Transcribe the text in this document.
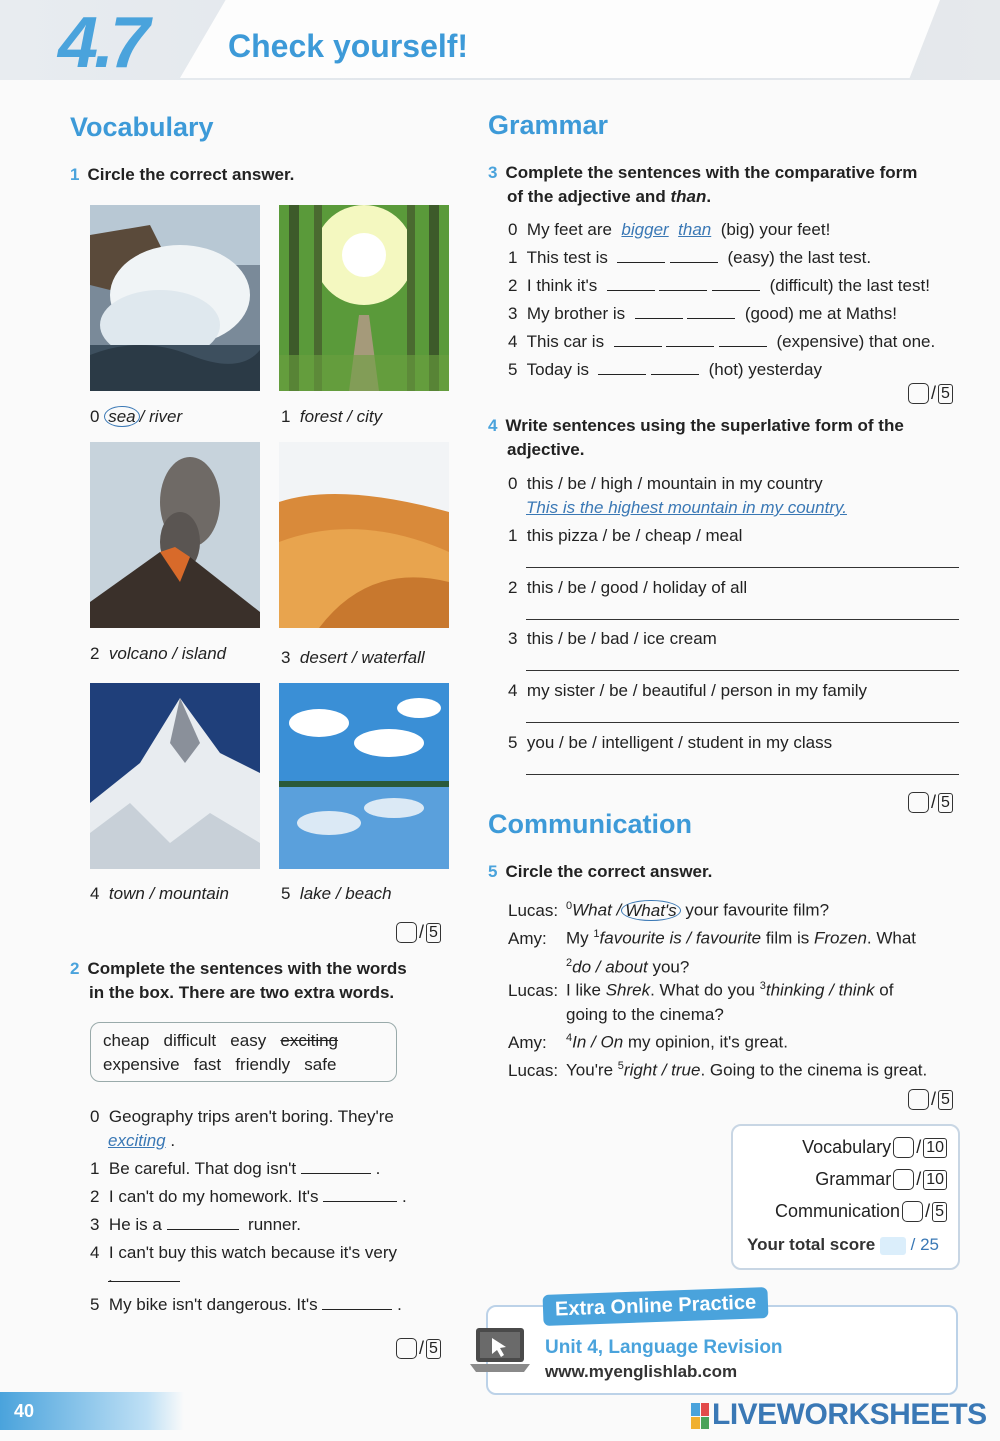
4.7	Check yourself!
Vocabulary
1 Circle the correct answer.
0 sea / river	1 forest / city
2 volcano / island	3 desert / waterfall
4 town / mountain	5 lake / beach
/ 5
2 Complete the sentences with the words
in the box. There are two extra words.
cheap difficult easy exciting
expensive fast friendly safe
0 Geography trips aren't boring. They're
exciting .
1 Be careful. That dog isn't	.
2 I can't do my homework. It's	.
3 He is a	runner.
4 I can't buy this watch because it's very
.
5 My bike isn't dangerous. It's	.
/ 5
Grammar
3 Complete the sentences with the comparative form
of the adjective and than.
0 My feet are bigger than (big) your feet!
1 This test is	(easy) the last test.
2 I think it's	(difficult) the last test!
3 My brother is	(good) me at Maths!
4 This car is	(expensive) that one.
5 Today is	(hot) yesterday
/ 5
4 Write sentences using the superlative form of the
adjective.
0 this / be / high / mountain in my country
This is the highest mountain in my country.
1 this pizza / be / cheap / meal
2 this / be / good / holiday of all
3 this / be / bad / ice cream
4 my sister / be / beautiful / person in my family
5 you / be / intelligent / student in my class
/ 5
Communication
5 Circle the correct answer.
Lucas: $^0$What / What's your favourite film?
Amy: My $^1$favourite is / favourite film is Frozen. What
$^2$do / about you?
Lucas: I like Shrek. What do you $^3$thinking / think of
going to the cinema?
Amy: $^4$In / On my opinion, it's great.
Lucas: You're $^5$right / true. Going to the cinema is great.
/ 5
Vocabulary / 10
Grammar / 10
Communication / 5
Your total score / 25
Extra Online Practice
Unit 4, Language Revision
www.myenglishlab.com
40	LIVEWORKSHEETS
